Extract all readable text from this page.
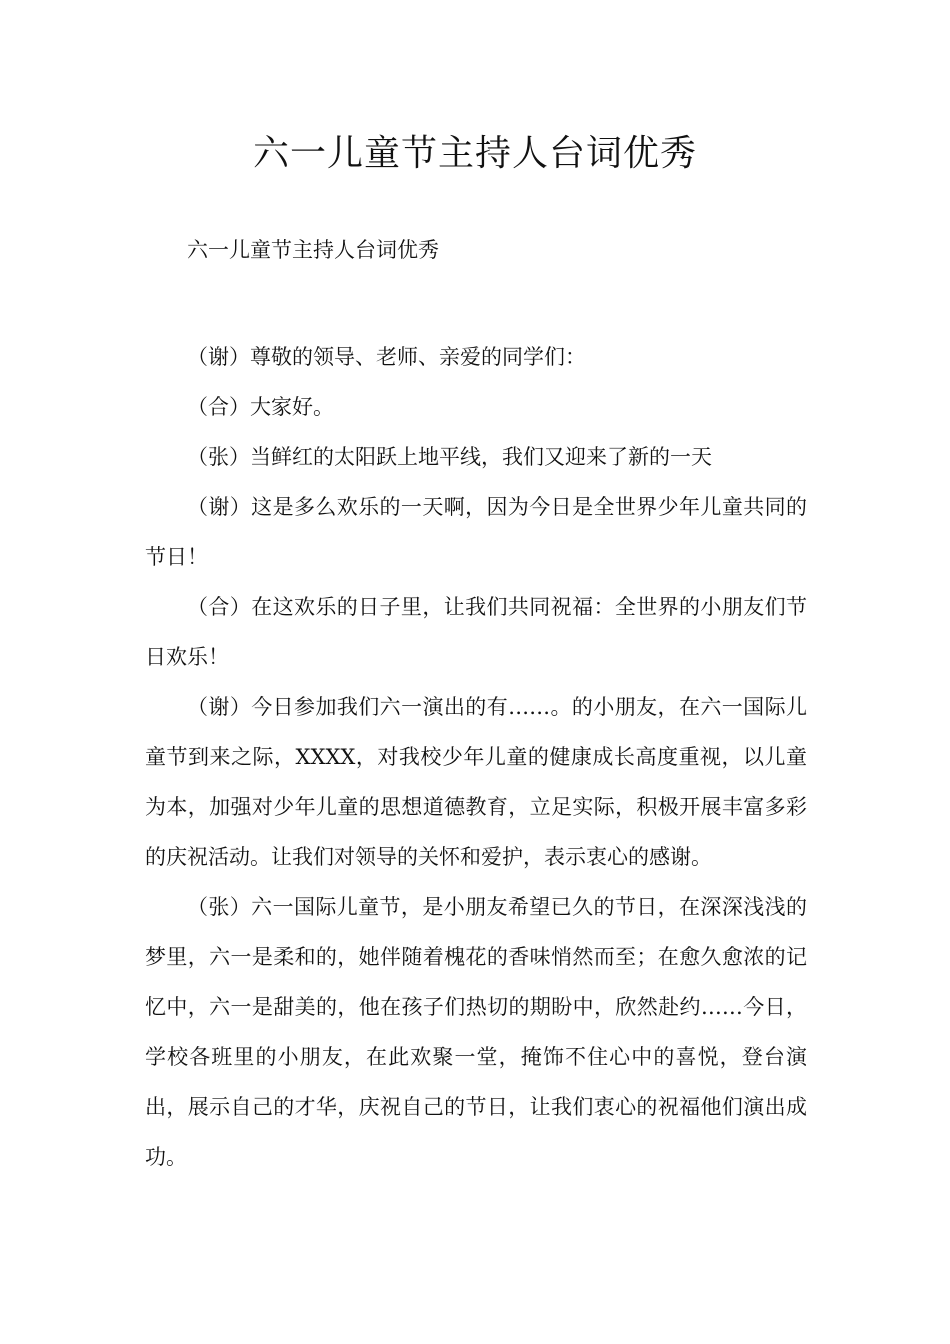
六一儿童节主持人台词优秀

六一儿童节主持人台词优秀

（谢）尊敬的领导、老师、亲爱的同学们：

（合）大家好。

（张）当鲜红的太阳跃上地平线，我们又迎来了新的一天

（谢）这是多么欢乐的一天啊，因为今日是全世界少年儿童共同的节日！

（合）在这欢乐的日子里，让我们共同祝福：全世界的小朋友们节日欢乐！

（谢）今日参加我们六一演出的有……。的小朋友，在六一国际儿童节到来之际，XXXX，对我校少年儿童的健康成长高度重视，以儿童为本，加强对少年儿童的思想道德教育，立足实际，积极开展丰富多彩的庆祝活动。让我们对领导的关怀和爱护，表示衷心的感谢。

（张）六一国际儿童节，是小朋友希望已久的节日，在深深浅浅的梦里，六一是柔和的，她伴随着槐花的香味悄然而至；在愈久愈浓的记忆中，六一是甜美的，他在孩子们热切的期盼中，欣然赴约……今日，学校各班里的小朋友，在此欢聚一堂，掩饰不住心中的喜悦，登台演出，展示自己的才华，庆祝自己的节日，让我们衷心的祝福他们演出成功。
